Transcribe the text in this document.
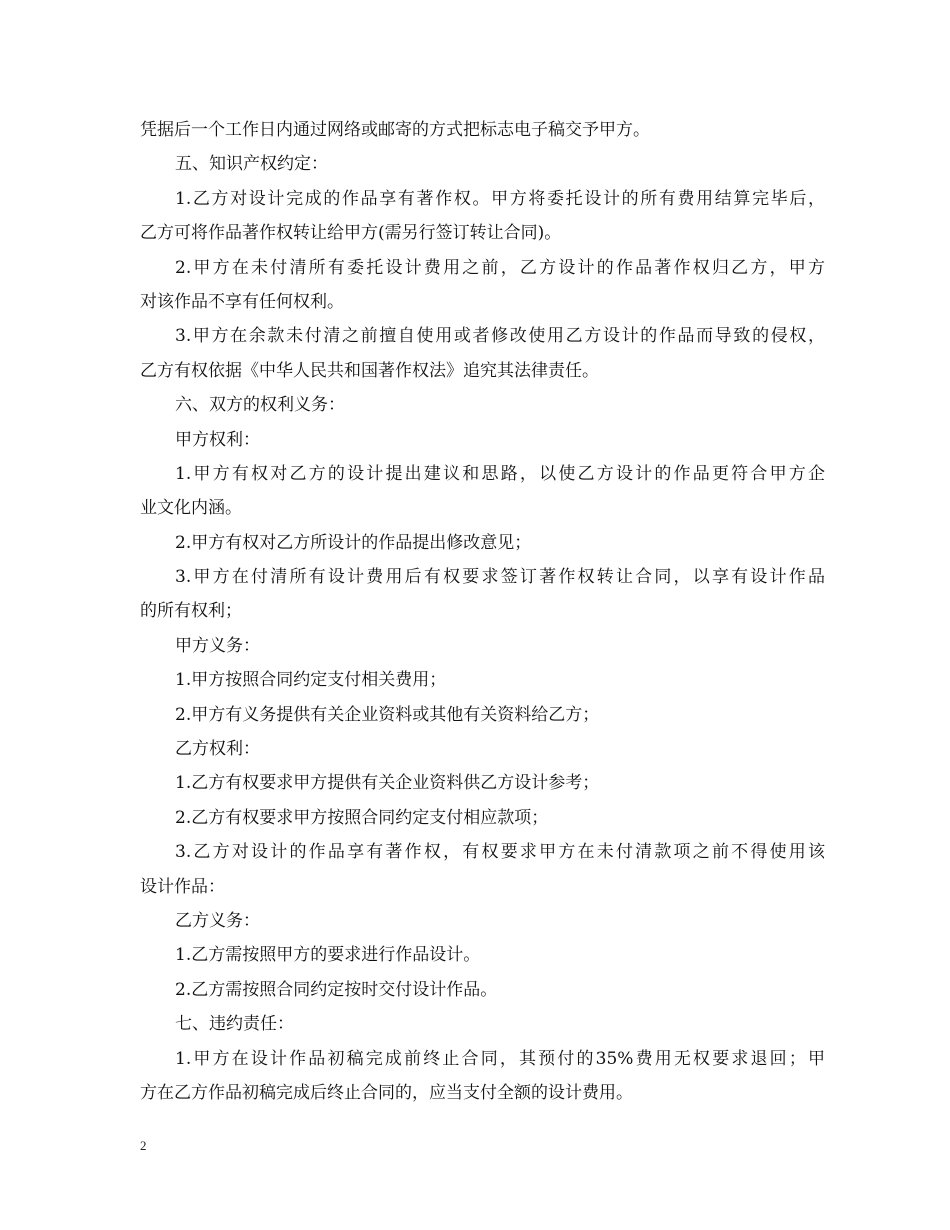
凭据后一个工作日内通过网络或邮寄的方式把标志电子稿交予甲方。
五、知识产权约定：
1.乙方对设计完成的作品享有著作权。甲方将委托设计的所有费用结算完毕后，
乙方可将作品著作权转让给甲方(需另行签订转让合同)。
2.甲方在未付清所有委托设计费用之前，乙方设计的作品著作权归乙方，甲方
对该作品不享有任何权利。
3.甲方在余款未付清之前擅自使用或者修改使用乙方设计的作品而导致的侵权，
乙方有权依据《中华人民共和国著作权法》追究其法律责任。
六、双方的权利义务：
甲方权利：
1.甲方有权对乙方的设计提出建议和思路，以使乙方设计的作品更符合甲方企
业文化内涵。
2.甲方有权对乙方所设计的作品提出修改意见；
3.甲方在付清所有设计费用后有权要求签订著作权转让合同，以享有设计作品
的所有权利；
甲方义务：
1.甲方按照合同约定支付相关费用；
2.甲方有义务提供有关企业资料或其他有关资料给乙方；
乙方权利：
1.乙方有权要求甲方提供有关企业资料供乙方设计参考；
2.乙方有权要求甲方按照合同约定支付相应款项；
3.乙方对设计的作品享有著作权，有权要求甲方在未付清款项之前不得使用该
设计作品：
乙方义务：
1.乙方需按照甲方的要求进行作品设计。
2.乙方需按照合同约定按时交付设计作品。
七、违约责任：
1.甲方在设计作品初稿完成前终止合同，其预付的35%费用无权要求退回；甲
方在乙方作品初稿完成后终止合同的，应当支付全额的设计费用。
2
